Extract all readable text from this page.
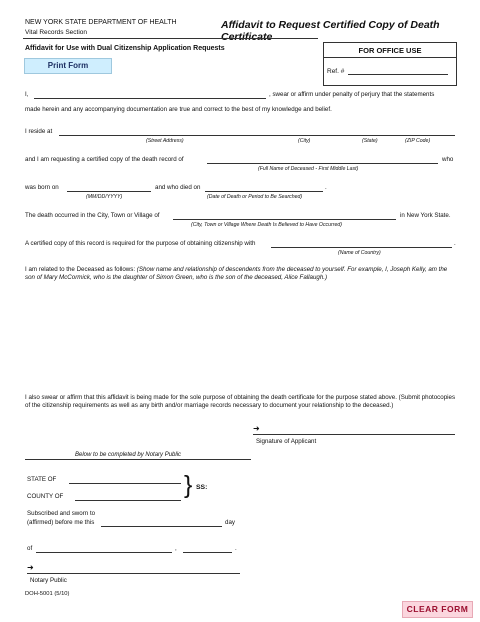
NEW YORK STATE DEPARTMENT OF HEALTH
Vital Records Section
Affidavit to Request Certified Copy of Death Certificate
Affidavit for Use with Dual Citizenship Application Requests
Print Form
FOR OFFICE USE
Ref. #
I,	, swear or affirm under penalty of perjury that the statements
made herein and any accompanying documentation are true and correct to the best of my knowledge and belief.
I reside at
(Street Address)	(City)	(State)	(ZIP Code)
and I am requesting a certified copy of the death record of	who
(Full Name of Deceased - First Middle Last)
was born on	and who died on	.
(MM/DD/YYYY)	(Date of Death or Period to Be Searched)
The death occurred in the City, Town or Village of	in New York State.
(City, Town or Village Where Death Is Believed to Have Occurred)
A certified copy of this record is required for the purpose of obtaining citizenship with	.
(Name of Country)
I am related to the Deceased as follows: (Show name and relationship of descendents from the deceased to yourself. For example, I, Joseph Kelly, am the son of Mary McCormick, who is the daughter of Simon Green, who is the son of the deceased, Alice Fallaugh.)
I also swear or affirm that this affidavit is being made for the sole purpose of obtaining the death certificate for the purpose stated above. (Submit photocopies of the citizenship requirements as well as any birth and/or marriage records necessary to document your relationship to the deceased.)
➜
Signature of Applicant
Below to be completed by Notary Public
STATE OF
COUNTY OF	} SS:
Subscribed and sworn to
(affirmed) before me this	day
of	,	.
➜
Notary Public
DOH-5001 (5/10)
CLEAR FORM
